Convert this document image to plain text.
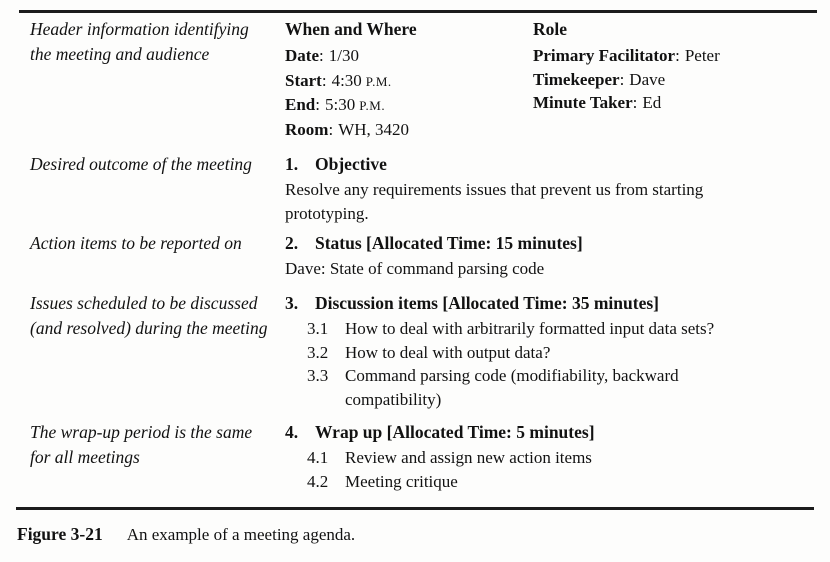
Header information identifying the meeting and audience
When and Where
Date: 1/30
Start: 4:30 P.M.
End: 5:30 P.M.
Room: WH, 3420
Role
Primary Facilitator: Peter
Timekeeper: Dave
Minute Taker: Ed
Desired outcome of the meeting	1. Objective
Resolve any requirements issues that prevent us from starting prototyping.
Action items to be reported on	2. Status [Allocated Time: 15 minutes]
Dave: State of command parsing code
Issues scheduled to be discussed (and resolved) during the meeting
3. Discussion items [Allocated Time: 35 minutes]
3.1 How to deal with arbitrarily formatted input data sets?
3.2 How to deal with output data?
3.3 Command parsing code (modifiability, backward compatibility)
The wrap-up period is the same for all meetings
4. Wrap up [Allocated Time: 5 minutes]
4.1 Review and assign new action items
4.2 Meeting critique
Figure 3-21 An example of a meeting agenda.
